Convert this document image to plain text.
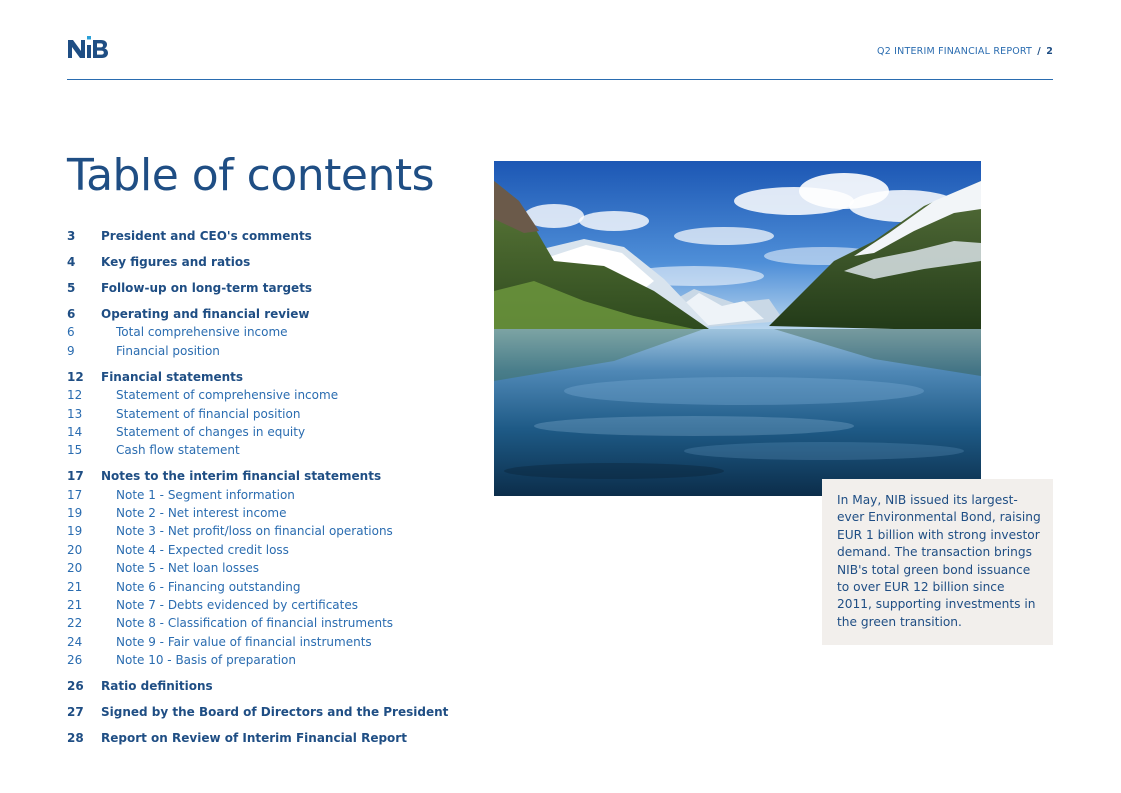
Q2 INTERIM FINANCIAL REPORT / 2
Table of contents
3	President and CEO's comments
4	Key figures and ratios
5	Follow-up on long-term targets
6	Operating and financial review
6	Total comprehensive income
9	Financial position
12	Financial statements
12	Statement of comprehensive income
13	Statement of financial position
14	Statement of changes in equity
15	Cash flow statement
17	Notes to the interim financial statements
17	Note 1 - Segment information
19	Note 2 - Net interest income
19	Note 3 - Net profit/loss on financial operations
20	Note 4 - Expected credit loss
20	Note 5 - Net loan losses
21	Note 6 - Financing outstanding
21	Note 7 - Debts evidenced by certificates
22	Note 8 - Classification of financial instruments
24	Note 9 - Fair value of financial instruments
26	Note 10 - Basis of preparation
26	Ratio definitions
27	Signed by the Board of Directors and the President
28	Report on Review of Interim Financial Report

In May, NIB issued its largest-ever Environmental Bond, raising EUR 1 billion with strong investor demand. The transaction brings NIB's total green bond issuance to over EUR 12 billion since 2011, supporting investments in the green transition.
